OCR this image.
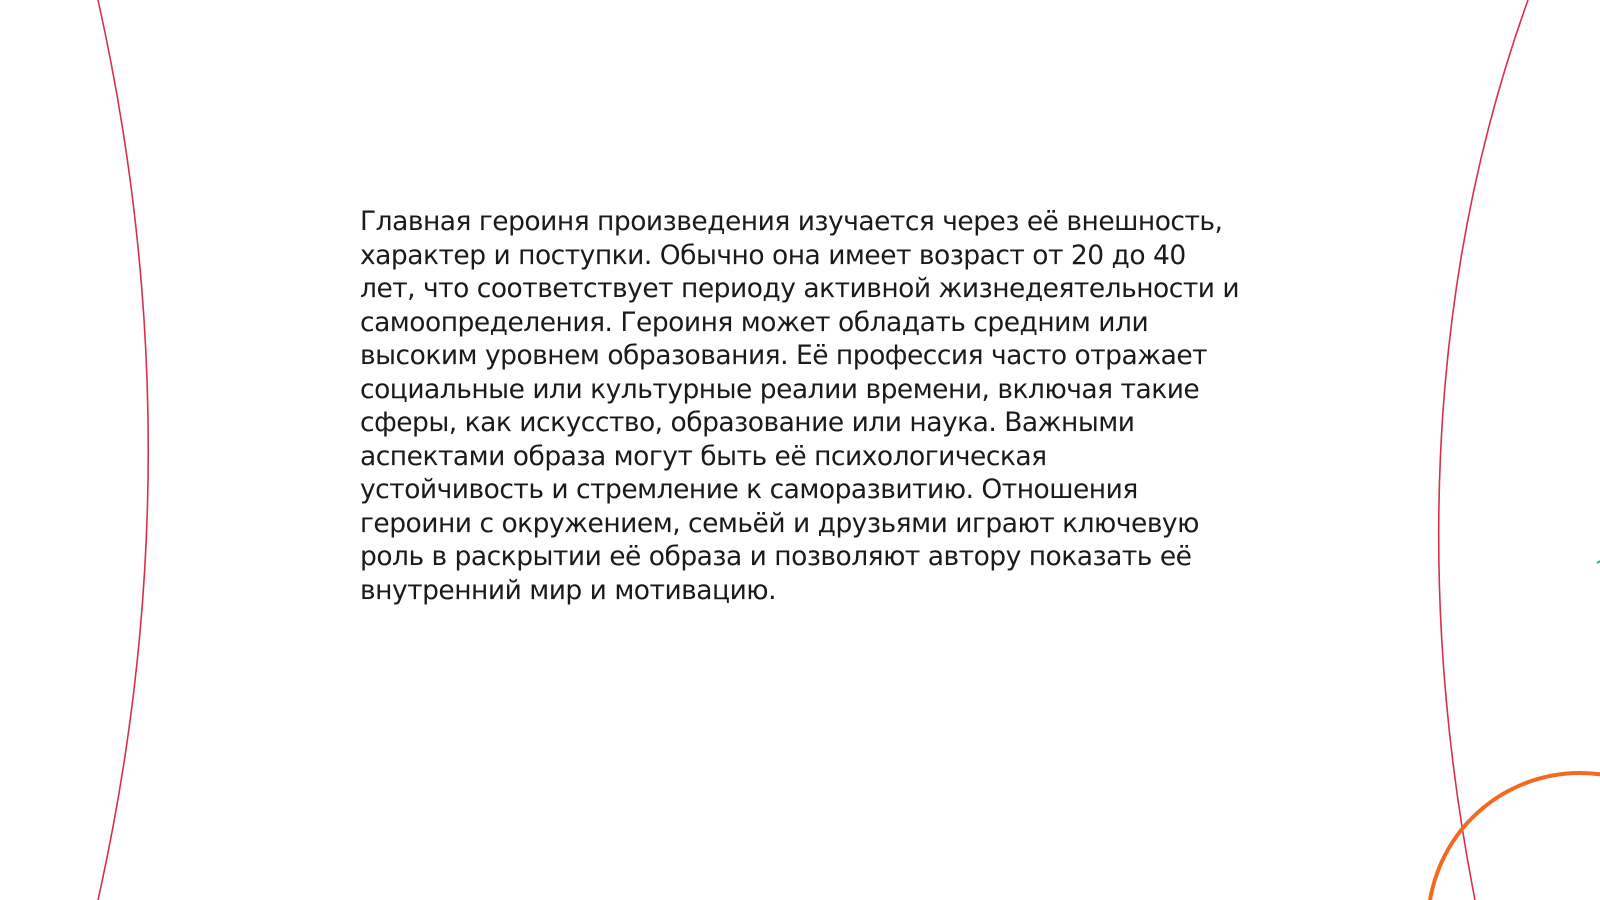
Главная героиня произведения изучается через её внешность,
характер и поступки. Обычно она имеет возраст от 20 до 40
лет, что соответствует периоду активной жизнедеятельности и
самоопределения. Героиня может обладать средним или
высоким уровнем образования. Её профессия часто отражает
социальные или культурные реалии времени, включая такие
сферы, как искусство, образование или наука. Важными
аспектами образа могут быть её психологическая
устойчивость и стремление к саморазвитию. Отношения
героини с окружением, семьёй и друзьями играют ключевую
роль в раскрытии её образа и позволяют автору показать её
внутренний мир и мотивацию.
